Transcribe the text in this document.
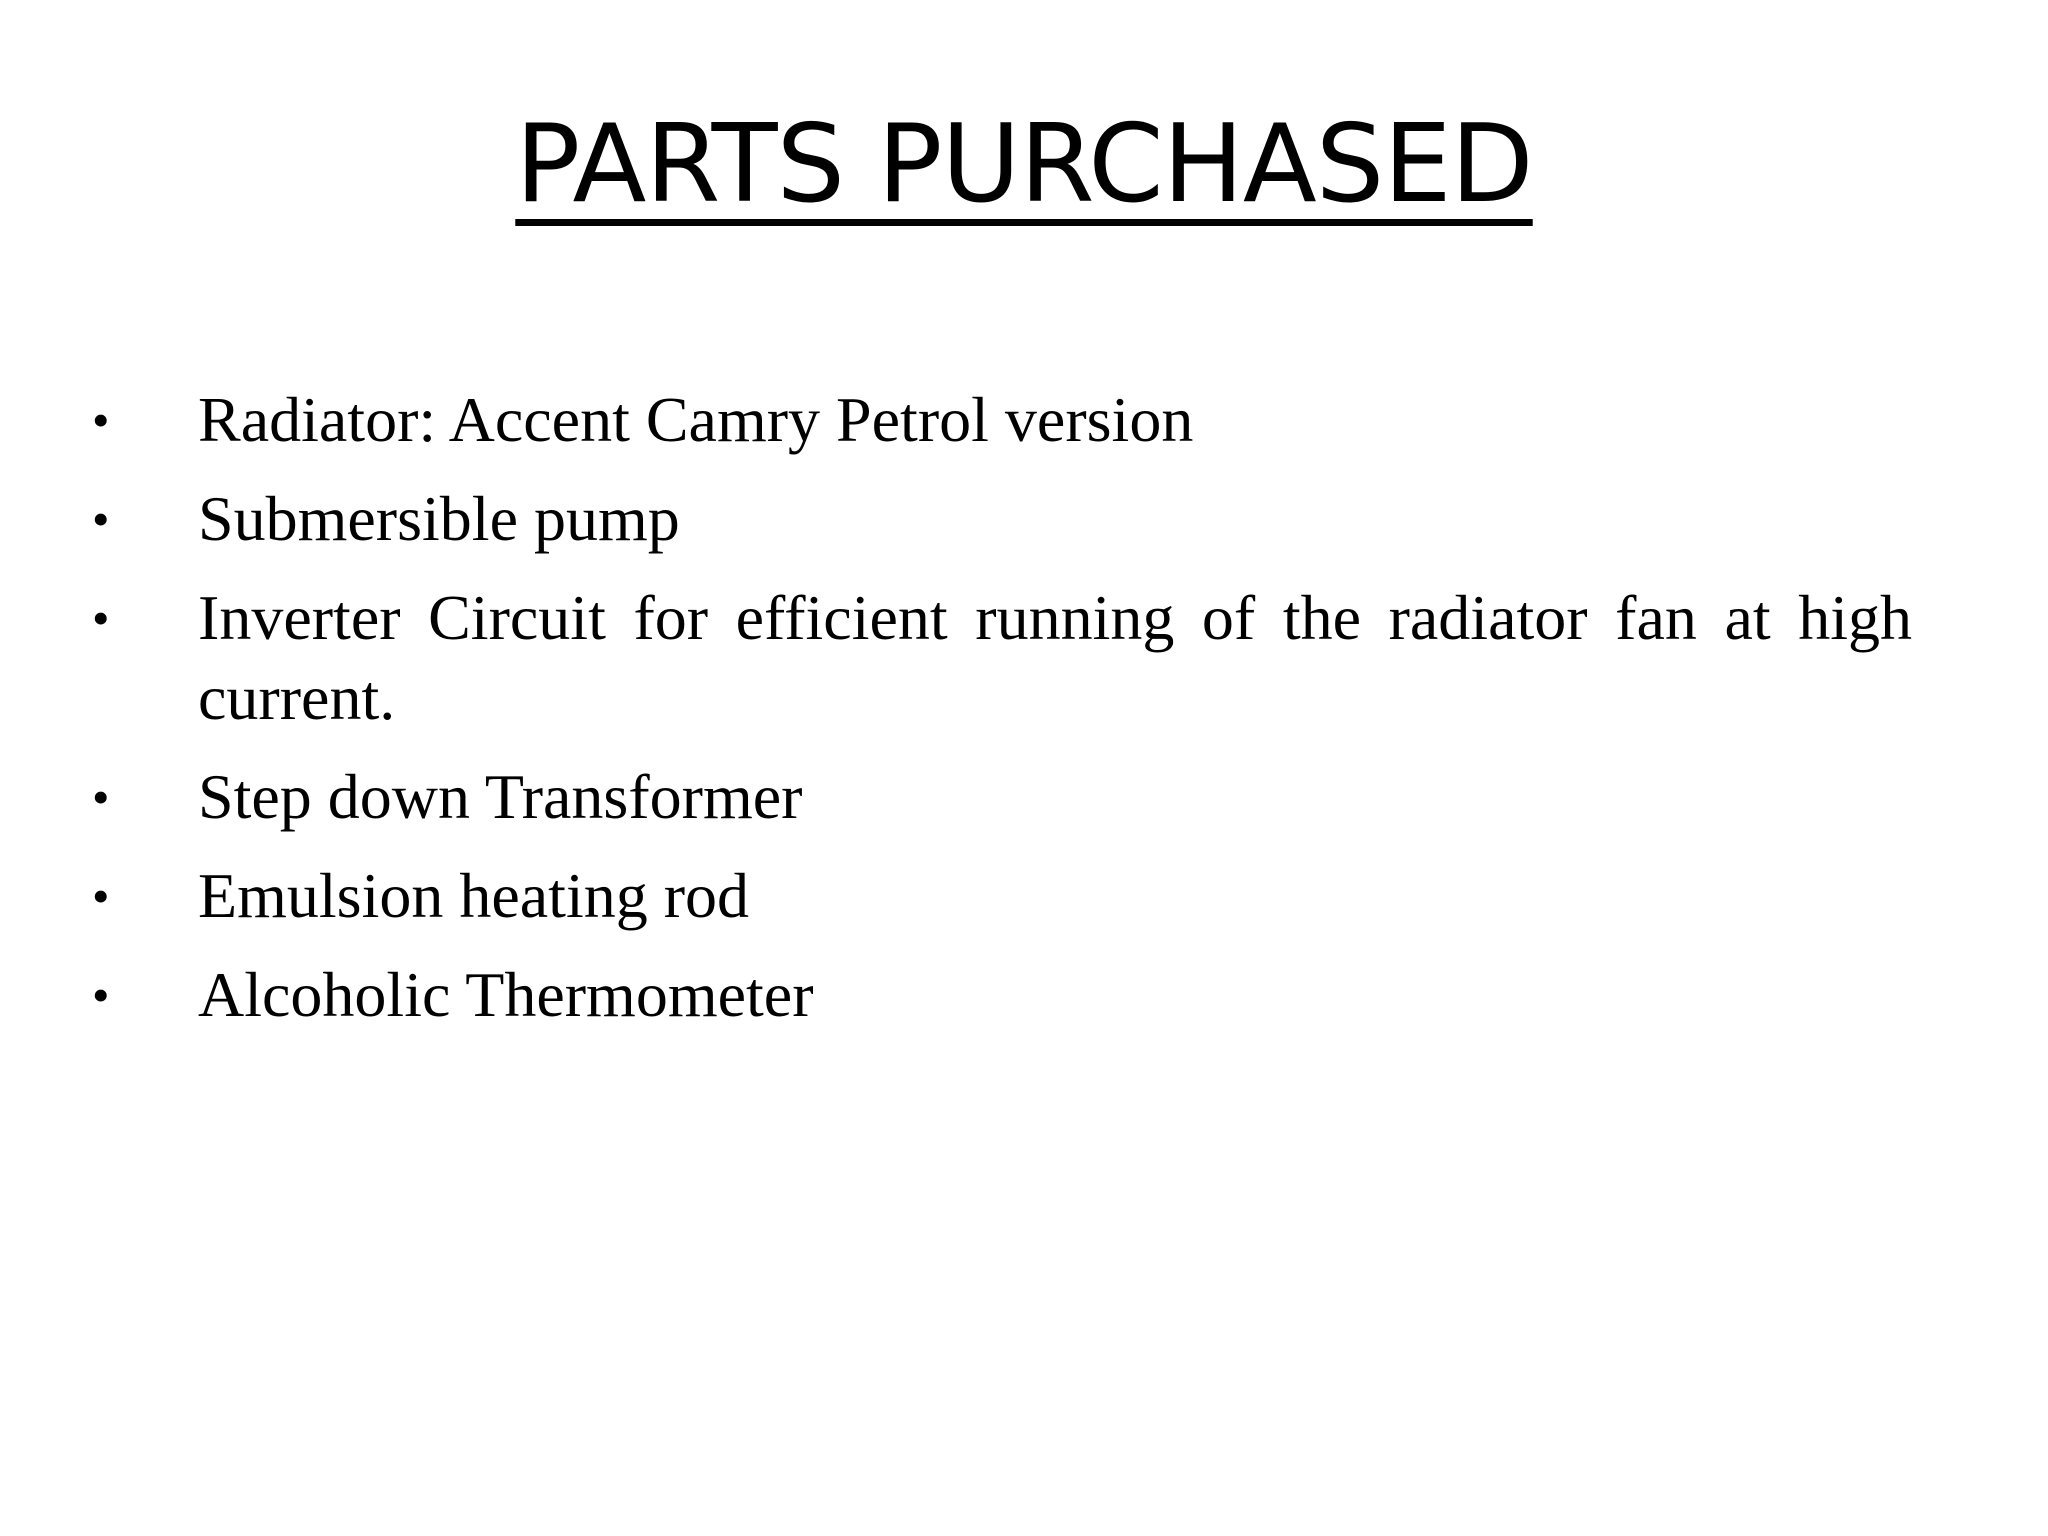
PARTS PURCHASED
•	Radiator: Accent Camry Petrol version
•	Submersible pump
•	Inverter Circuit for efficient running of the radiator fan at high current.
•	Step down Transformer
•	Emulsion heating rod
•	Alcoholic Thermometer
